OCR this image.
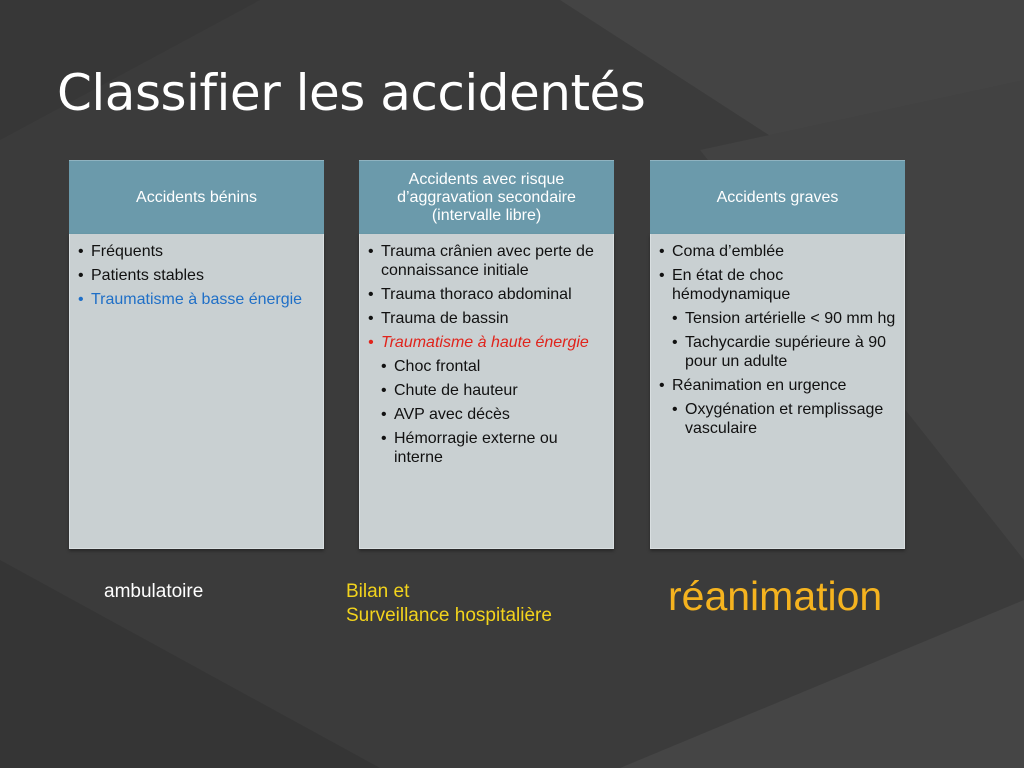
Classifier les accidentés
Accidents bénins
• Fréquents
• Patients stables
• Traumatisme à basse énergie
Accidents avec risque d’aggravation secondaire (intervalle libre)
• Trauma crânien avec perte de connaissance initiale
• Trauma thoraco abdominal
• Trauma de bassin
• Traumatisme à haute énergie
• Choc frontal
• Chute de hauteur
• AVP avec décès
• Hémorragie externe ou interne
Accidents graves
• Coma d’emblée
• En état de choc hémodynamique
• Tension artérielle < 90 mm hg
• Tachycardie supérieure à 90 pour un adulte
• Réanimation en urgence
• Oxygénation et remplissage vasculaire
ambulatoire	Bilan et
Surveillance hospitalière	réanimation
